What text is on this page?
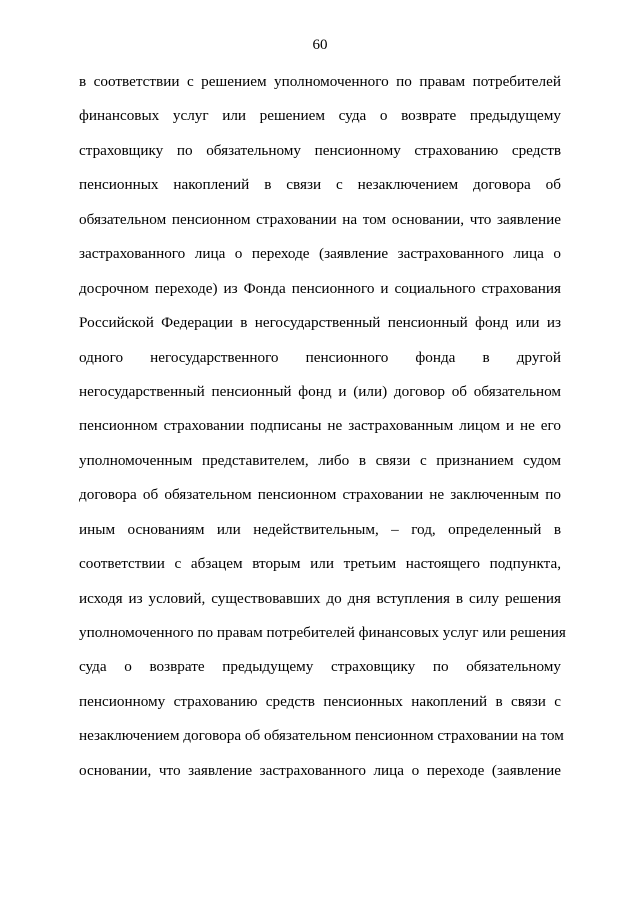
60
в соответствии с решением уполномоченного по правам потребителей
финансовых услуг или решением суда о возврате предыдущему
страховщику по обязательному пенсионному страхованию средств
пенсионных накоплений в связи с незаключением договора об
обязательном пенсионном страховании на том основании, что заявление
застрахованного лица о переходе (заявление застрахованного лица о
досрочном переходе) из Фонда пенсионного и социального страхования
Российской Федерации в негосударственный пенсионный фонд или из
одного негосударственного пенсионного фонда в другой
негосударственный пенсионный фонд и (или) договор об обязательном
пенсионном страховании подписаны не застрахованным лицом и не его
уполномоченным представителем, либо в связи с признанием судом
договора об обязательном пенсионном страховании не заключенным по
иным основаниям или недействительным, – год, определенный в
соответствии с абзацем вторым или третьим настоящего подпункта,
исходя из условий, существовавших до дня вступления в силу решения
уполномоченного по правам потребителей финансовых услуг или решения
суда о возврате предыдущему страховщику по обязательному
пенсионному страхованию средств пенсионных накоплений в связи с
незаключением договора об обязательном пенсионном страховании на том
основании, что заявление застрахованного лица о переходе (заявление
